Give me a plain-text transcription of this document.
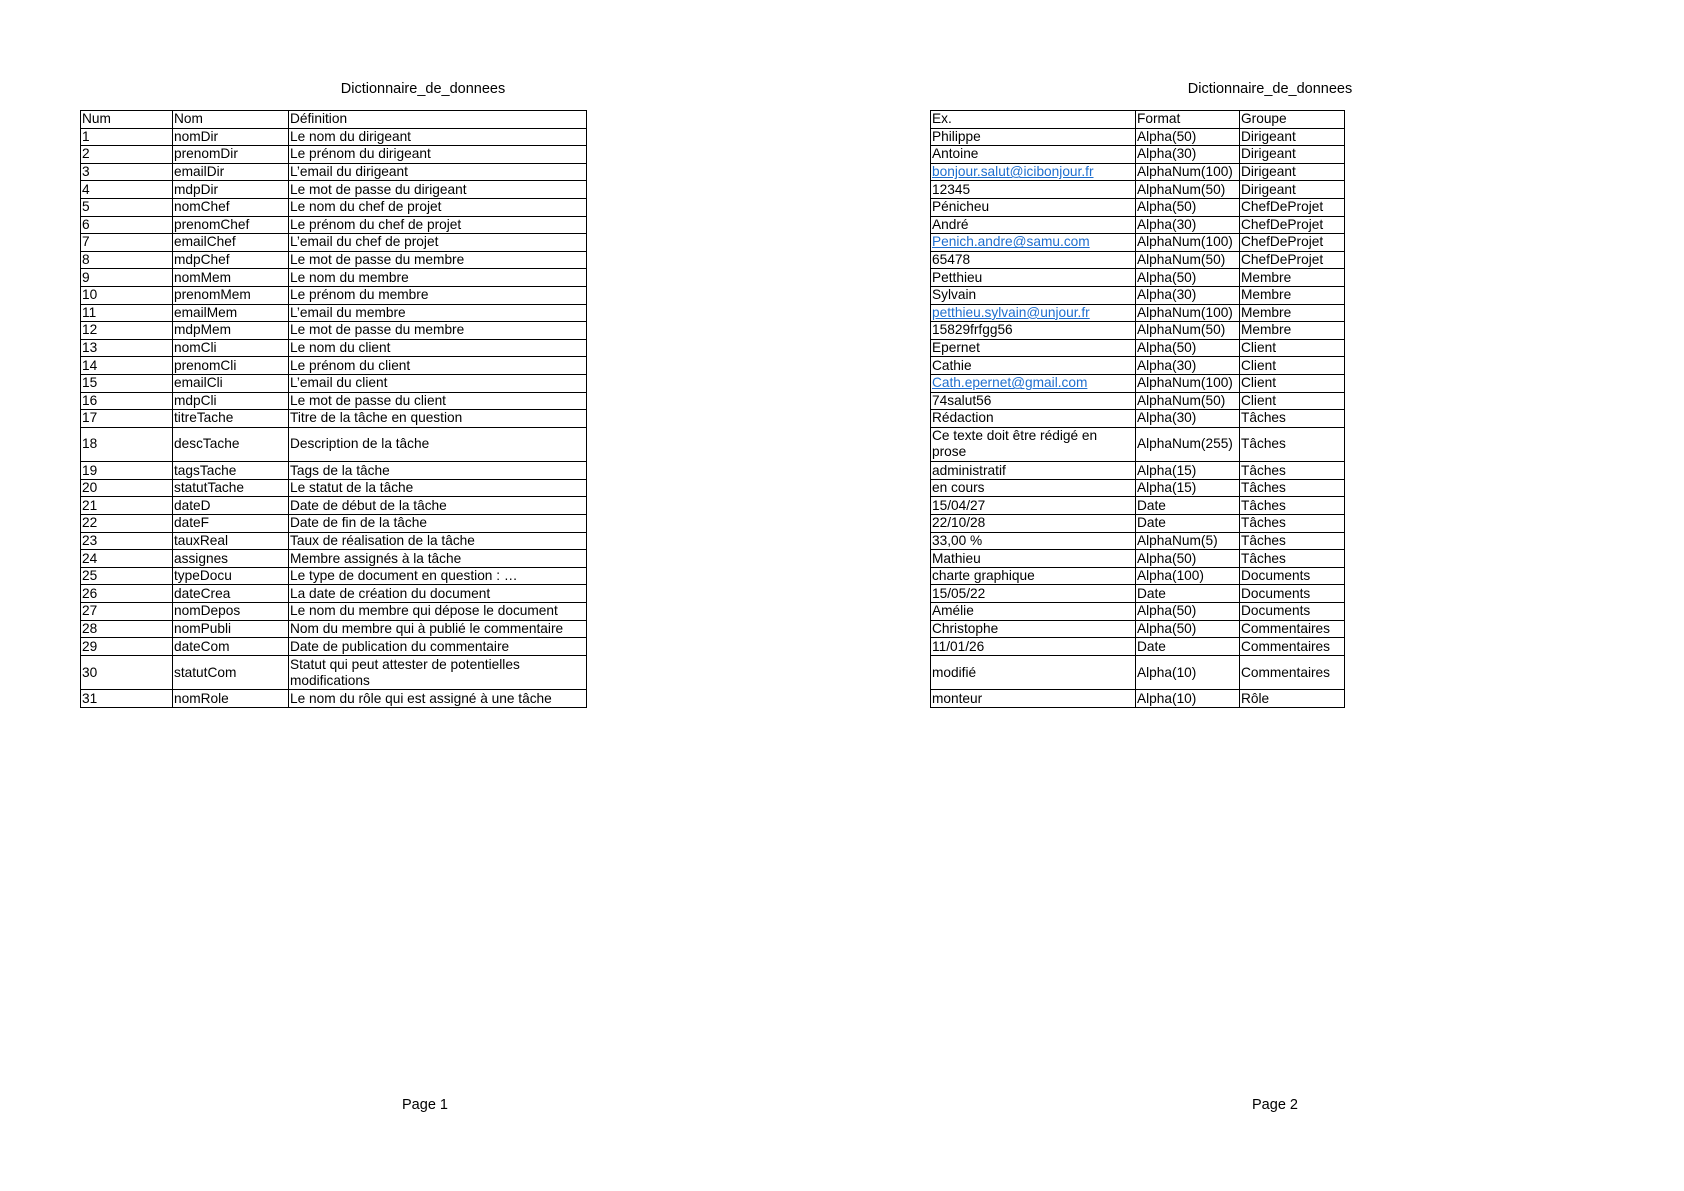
Dictionnaire_de_donnees	Dictionnaire_de_donnees
Num	Nom	Définition
1	nomDir	Le nom du dirigeant
2	prenomDir	Le prénom du dirigeant
3	emailDir	L’email du dirigeant
4	mdpDir	Le mot de passe du dirigeant
5	nomChef	Le nom du chef de projet
6	prenomChef	Le prénom du chef de projet
7	emailChef	L’email du chef de projet
8	mdpChef	Le mot de passe du membre
9	nomMem	Le nom du membre
10	prenomMem	Le prénom du membre
11	emailMem	L’email du membre
12	mdpMem	Le mot de passe du membre
13	nomCli	Le nom du client
14	prenomCli	Le prénom du client
15	emailCli	L’email du client
16	mdpCli	Le mot de passe du client
17	titreTache	Titre de la tâche en question
18	descTache	Description de la tâche
19	tagsTache	Tags de la tâche
20	statutTache	Le statut de la tâche
21	dateD	Date de début de la tâche
22	dateF	Date de fin de la tâche
23	tauxReal	Taux de réalisation de la tâche
24	assignes	Membre assignés à la tâche
25	typeDocu	Le type de document en question : …
26	dateCrea	La date de création du document
27	nomDepos	Le nom du membre qui dépose le document
28	nomPubli	Nom du membre qui à publié le commentaire
29	dateCom	Date de publication du commentaire
30	statutCom	Statut qui peut attester de potentielles modifications
31	nomRole	Le nom du rôle qui est assigné à une tâche
Ex.	Format	Groupe
Philippe	Alpha(50)	Dirigeant
Antoine	Alpha(30)	Dirigeant
bonjour.salut@icibonjour.fr	AlphaNum(100)	Dirigeant
12345	AlphaNum(50)	Dirigeant
Pénicheu	Alpha(50)	ChefDeProjet
André	Alpha(30)	ChefDeProjet
Penich.andre@samu.com	AlphaNum(100)	ChefDeProjet
65478	AlphaNum(50)	ChefDeProjet
Petthieu	Alpha(50)	Membre
Sylvain	Alpha(30)	Membre
petthieu.sylvain@unjour.fr	AlphaNum(100)	Membre
15829frfgg56	AlphaNum(50)	Membre
Epernet	Alpha(50)	Client
Cathie	Alpha(30)	Client
Cath.epernet@gmail.com	AlphaNum(100)	Client
74salut56	AlphaNum(50)	Client
Rédaction	Alpha(30)	Tâches
Ce texte doit être rédigé en prose	AlphaNum(255)	Tâches
administratif	Alpha(15)	Tâches
en cours	Alpha(15)	Tâches
15/04/27	Date	Tâches
22/10/28	Date	Tâches
33,00 %	AlphaNum(5)	Tâches
Mathieu	Alpha(50)	Tâches
charte graphique	Alpha(100)	Documents
15/05/22	Date	Documents
Amélie	Alpha(50)	Documents
Christophe	Alpha(50)	Commentaires
11/01/26	Date	Commentaires
modifié	Alpha(10)	Commentaires
monteur	Alpha(10)	Rôle
Page 1	Page 2
